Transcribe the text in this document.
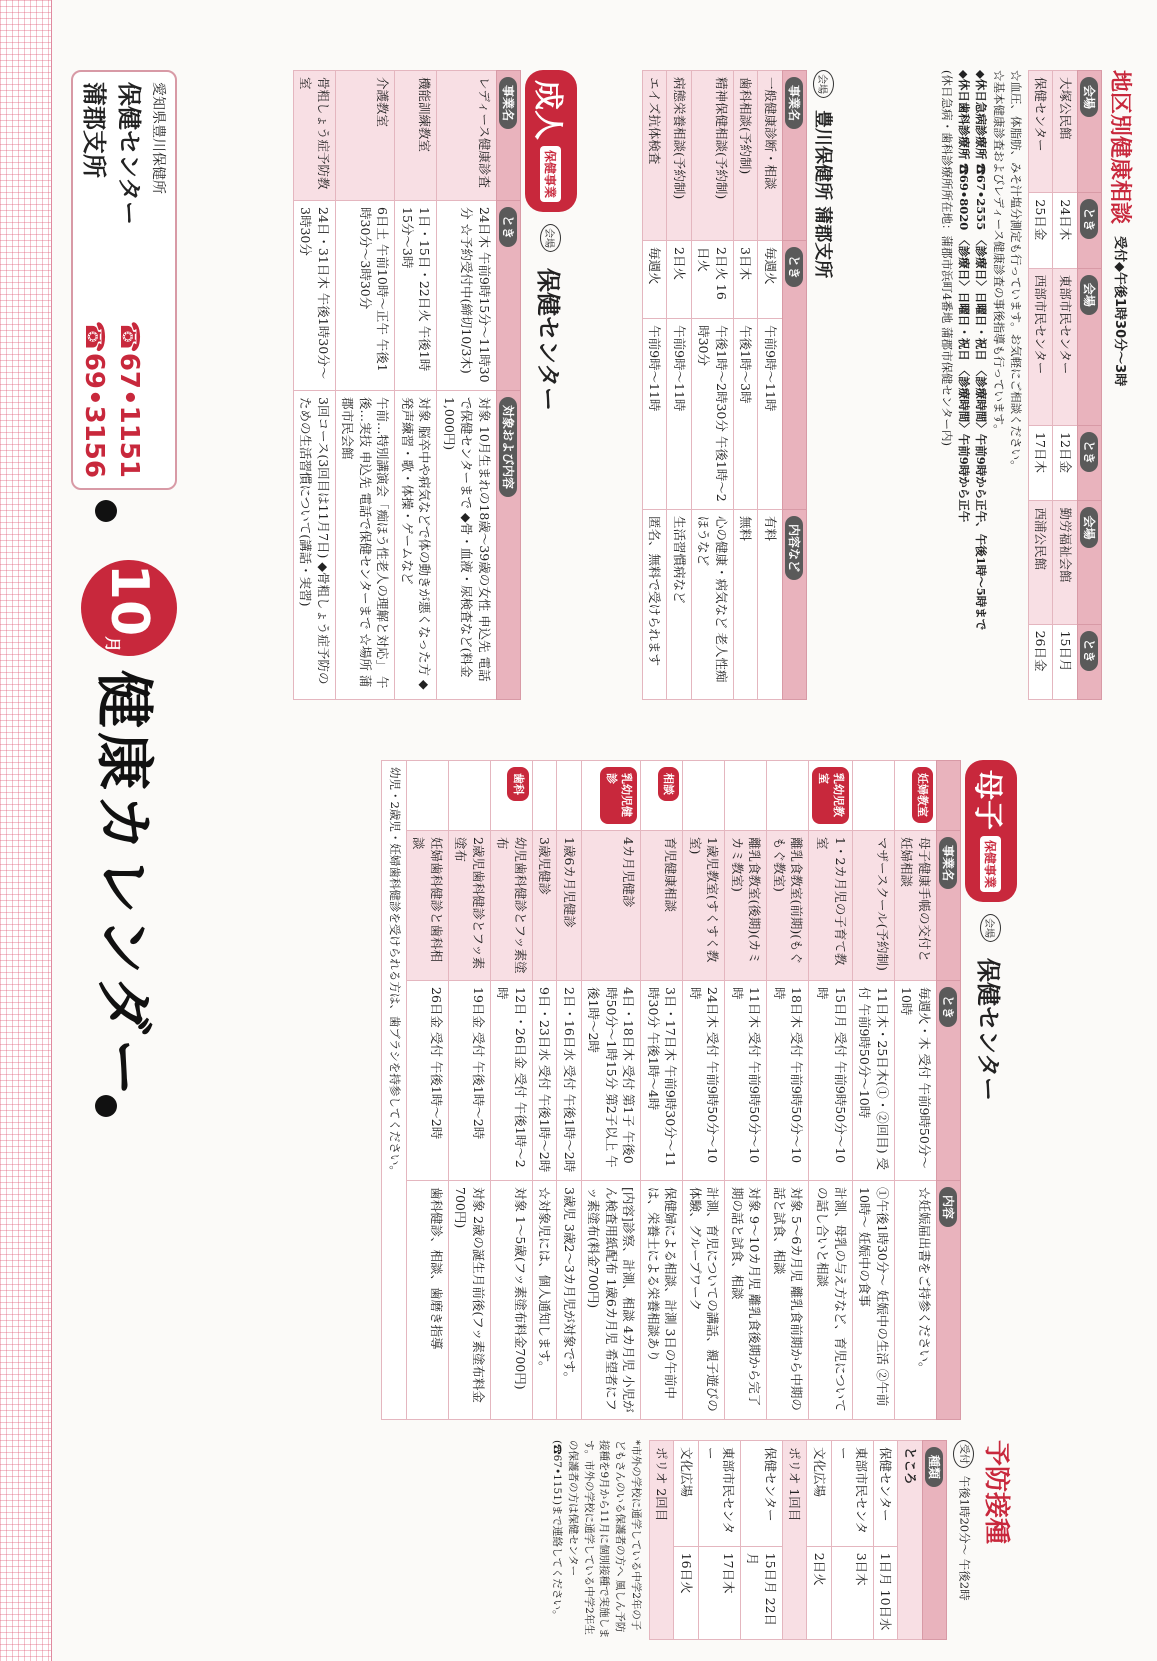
10
月
健康カレンダー
愛知県豊川保健所
保健センター
☎67•1151
蒲郡支所
☎69•3156
成人
保健事業
会場
保健センター
事業名	とき	対象および内容
レディース健康診査	24日木 午前9時15分〜11時30分 ☆予約受付中(締切10/3木)	対象 10月生まれの18歳〜39歳の女性 申込先 電話で保健センターまで ◆骨・血液・尿検査など(料金1,000円)
機能訓練教室	1日・15日・22日火 午後1時15分〜3時	対象 脳卒中や病気などで体の動きが悪くなった方 ◆発声練習・歌・体操・ゲームなど
介護教室	6日土 午前10時〜正午 午後1時30分〜3時30分	午前…特別講演会「痴ほう性老人の理解と対応」 午後…実技 申込先 電話で保健センターまで ☆場所 蒲郡市民会館
骨粗しょう症予防教室	24日・31日木 午後1時30分〜3時30分	3回コース(3回目は11月7日) ◆骨粗しょう症予防のための生活習慣について(講話・実習)
会場
豊川保健所 蒲郡支所
事業名	とき		内容など
一般健康診断・相談	毎週火	午前9時〜11時	有料
歯科相談(予約制)	3日木	午後1時〜3時	無料
精神保健相談(予約制)	2日火 16日火	午後1時〜2時30分 午後1時〜2時30分	心の健康・病気など 老人性痴ほうなど
病態栄養相談(予約制)	2日火	午前9時〜11時	生活習慣病など
エイズ抗体検査	毎週火	午前9時〜11時	匿名、無料で受けられます
地区別健康相談
受付◆午後1時30分〜3時
会場	とき	会場	とき	会場	とき
大塚公民館	24日木	東部市民センター	12日金	勤労福祉会館	15日月
保健センター	25日金	西部市民センター	17日木	西浦公民館	26日金
☆血圧、体脂肪、みそ汁塩分測定も行っています。お気軽にご相談ください。
☆基本健康診査およびレディース健康診査の事後指導も行っています。
◆休日急病診療所 ☎67•2555 〈診療日〉日曜日・祝日 〈診療時間〉午前9時から正午、午後1時〜5時まで
◆休日歯科診療所 ☎69•8020 〈診療日〉日曜日・祝日 〈診療時間〉午前9時から正午
(休日急病・歯科診療所所在地：蒲郡市浜町4番地 蒲郡市保健センター内)
母子
保健事業
会場
保健センター
	事業名	とき	内容
妊婦教室	母子健康手帳の交付と妊婦相談	毎週火・木 受付 午前9時50分〜10時	☆妊娠届出書をご持参ください。
	マザースクール(予約制)	11日木・25日木(①・②回目) 受付 午前9時50分〜10時	①午後1時30分〜 妊娠中の生活 ②午前10時〜 妊娠中の食事
乳幼児教室	1・2カ月児の子育て教室	15日月 受付 午前9時50分〜10時	計測、母乳の与え方など、育児についての話し合いと相談
	離乳食教室(前期)(もぐもぐ教室)	18日木 受付 午前9時50分〜10時	対象 5〜6カ月児 離乳食前期から中期の話と試食、相談
	離乳食教室(後期)(カミカミ教室)	11日木 受付 午前9時50分〜10時	対象 9〜10カ月児 離乳食後期から完了期の話と試食、相談
	1歳児教室(すくすく教室)	24日木 受付 午前9時50分〜10時	計測、育児についての講話、親子遊びの体験、グループワーク
相談	育児健康相談	3日・17日木 午前9時30分〜11時30分 午後1時〜4時	保健婦による相談、計測 3日の午前中は、栄養士による栄養相談あり
乳幼児健診	4カ月児健診	4日・18日木 受付 第1子 午後0時50分〜1時15分 第2子以上 午後1時〜2時	[内容]診察、計測、相談 4カ月児 小児がん検査用紙配布 1歳6カ月児 希望者にフッ素塗布(料金700円)
	1歳6カ月児健診	2日・16日水 受付 午後1時〜2時	3歳児 3歳2〜3カ月児が対象です。
	3歳児健診	9日・23日水 受付 午後1時〜2時	☆対象児には、個人通知します。
歯科	幼児歯科健診とフッ素塗布	12日・26日金 受付 午後1時〜2時	対象 1〜5歳(フッ素塗布料金700円)
	2歳児歯科健診とフッ素塗布	19日金 受付 午後1時〜2時	対象 2歳の誕生月前後(フッ素塗布料金700円)
	妊婦歯科健診と歯科相談	26日金 受付 午後1時〜2時	歯科健診、相談、歯磨き指導
幼児・2歳児・妊婦歯科健診を受けられる方は、歯ブラシを持参してください。			
予防接種
受付 午後1時20分〜 午後2時
種類	
ところ	
保健センター	1日月 10日水
東部市民センター	3日木
文化広場	2日火
ポリオ 1回目	
保健センター	15日月 22日月
東部市民センター	17日木
文化広場	16日火
ポリオ 2回目	
*市外の学校に通学している中学2年の子どもさんのいる保護者の方へ 風しん予防接種を9月から11月に個別接種で実施します。市外の学校に通学している中学2年生の保護者の方は保健センター(☎67•1151)まで連絡してください。
